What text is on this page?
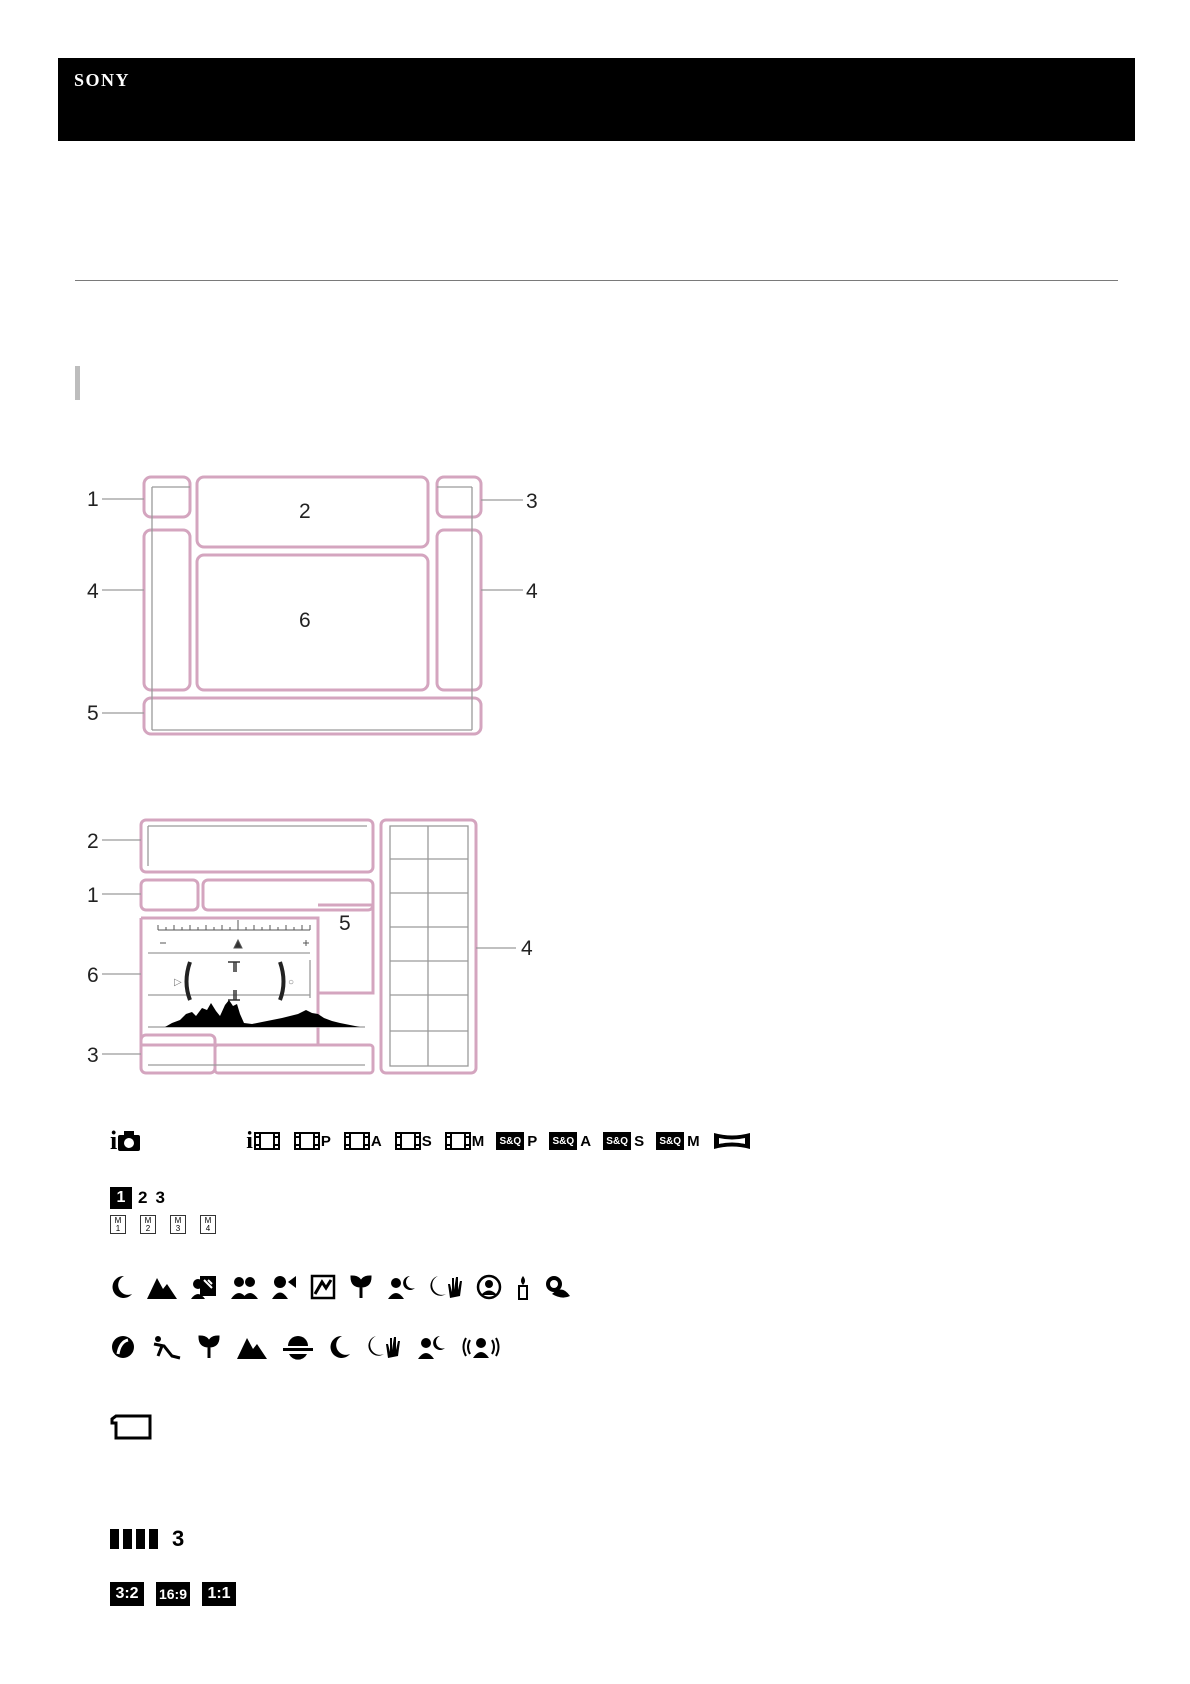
SONY
1
2	3
4	4
6
5
▷	○
2
1
6
3
5
4
i	i	P	A	S	M	S&Q P	S&Q A	S&Q S	S&Q M
1 2 3
M
1
M
2
M
3
M
4
3
3:2	16:9	1:1
